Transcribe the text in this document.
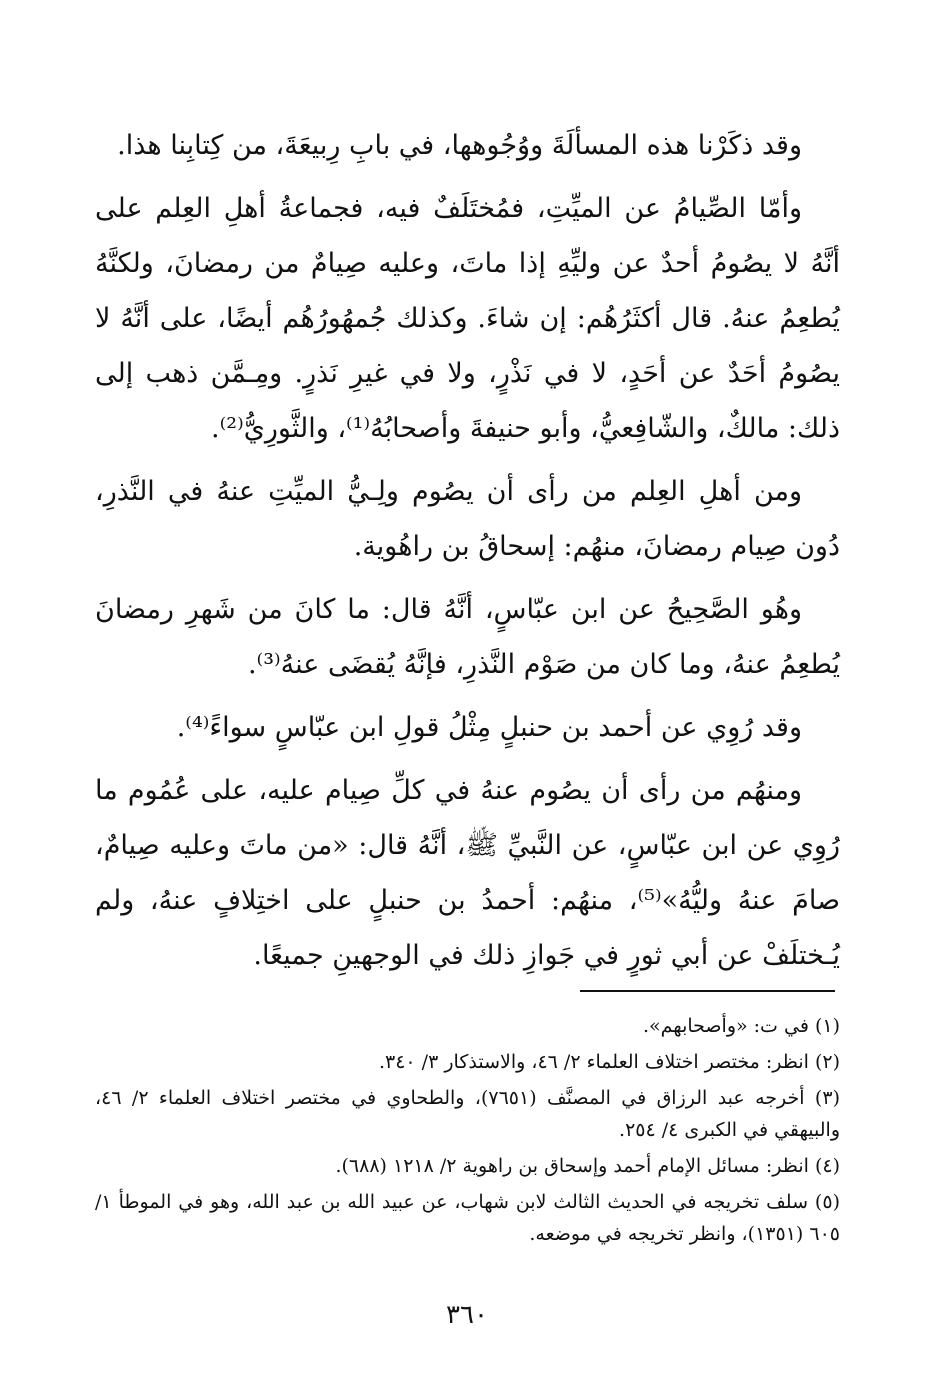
وقد ذكَرْنا هذه المسألَةَ ووُجُوهها، في بابِ رِبيعَةَ، من كِتابِنا هذا.

وأمّا الصِّيامُ عن الميِّتِ، فمُختَلَفٌ فيه، فجماعةُ أهلِ العِلم على أنَّهُ لا يصُومُ أحدٌ عن وليِّهِ إذا ماتَ، وعليه صِيامٌ من رمضانَ، ولكنَّهُ يُطعِمُ عنهُ. قال أكثَرُهُم: إن شاءَ. وكذلك جُمهُورُهُم أيضًا، على أنَّهُ لا يصُومُ أحَدٌ عن أحَدٍ، لا في نَذْرٍ، ولا في غيرِ نَذرٍ. ومِـمَّن ذهب إلى ذلك: مالكٌ، والشّافِعيُّ، وأبو حنيفةَ وأصحابُهُ⁽¹⁾، والثَّورِيُّ⁽²⁾.

ومن أهلِ العِلم من رأى أن يصُوم ولِـيُّ الميِّتِ عنهُ في النَّذرِ، دُون صِيام رمضانَ، منهُم: إسحاقُ بن راهُوية.

وهُو الصَّحِيحُ عن ابن عبّاسٍ، أنَّهُ قال: ما كانَ من شَهرِ رمضانَ يُطعِمُ عنهُ، وما كان من صَوْم النَّذرِ، فإنَّهُ يُقضَى عنهُ⁽³⁾.

وقد رُوِي عن أحمد بن حنبلٍ مِثْلُ قولِ ابن عبّاسٍ سواءً⁽⁴⁾.

ومنهُم من رأى أن يصُوم عنهُ في كلِّ صِيام عليه، على عُمُوم ما رُوِي عن ابن عبّاسٍ، عن النَّبيِّ ﷺ، أنَّهُ قال: «من ماتَ وعليه صِيامٌ، صامَ عنهُ وليُّهُ»⁽⁵⁾، منهُم: أحمدُ بن حنبلٍ على اختِلافٍ عنهُ، ولم يُـختلَفْ عن أبي ثورٍ في جَوازِ ذلك في الوجهينِ جميعًا.

(١) في ت: «وأصحابهم».

(٢) انظر: مختصر اختلاف العلماء ٢/ ٤٦، والاستذكار ٣/ ٣٤٠.

(٣) أخرجه عبد الرزاق في المصنَّف (٧٦٥١)، والطحاوي في مختصر اختلاف العلماء ٢/ ٤٦، والبيهقي في الكبرى ٤/ ٢٥٤.

(٤) انظر: مسائل الإمام أحمد وإسحاق بن راهوية ٢/ ١٢١٨ (٦٨٨).

(٥) سلف تخريجه في الحديث الثالث لابن شهاب، عن عبيد الله بن عبد الله، وهو في الموطأ ١/ ٦٠٥ (١٣٥١)، وانظر تخريجه في موضعه.

٣٦٠
